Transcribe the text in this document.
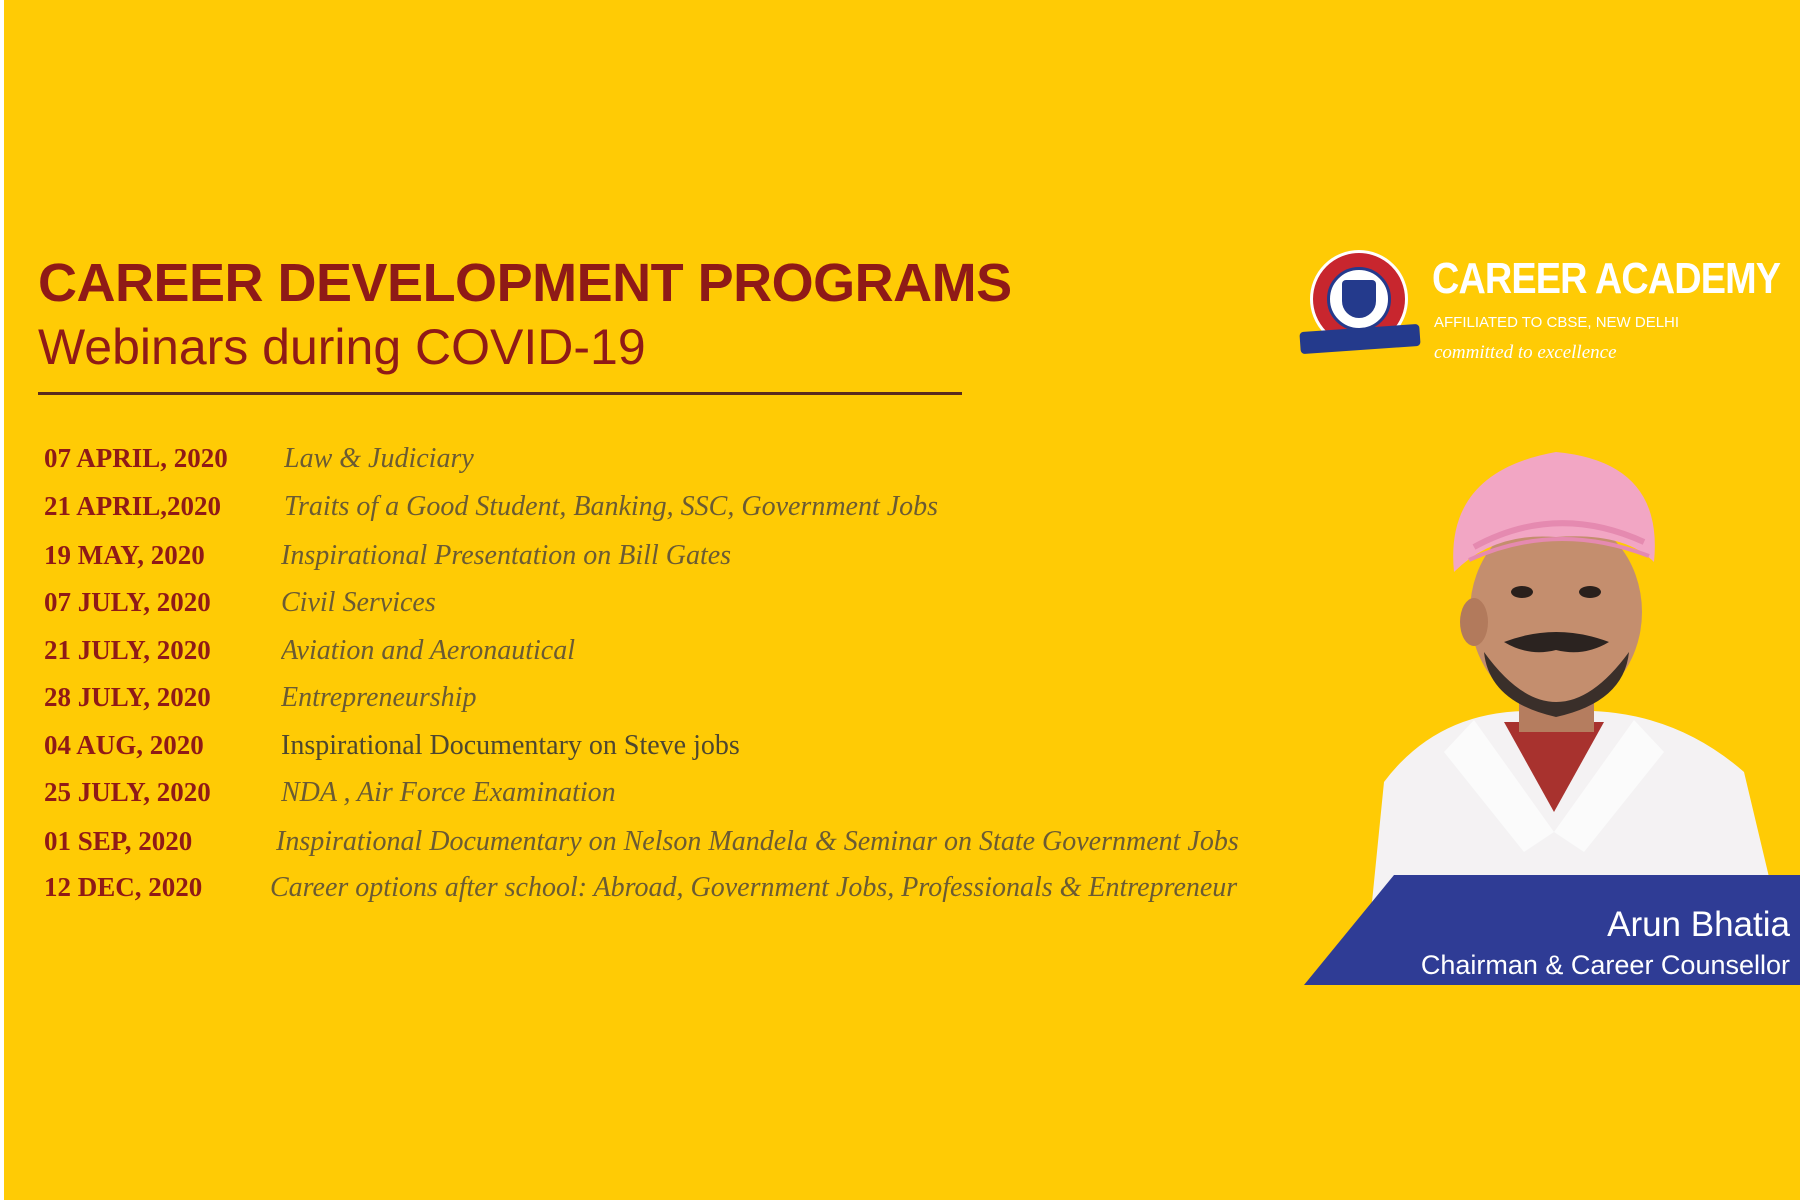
CAREER DEVELOPMENT PROGRAMS
Webinars during COVID-19
07 APRIL, 2020 Law & Judiciary
21 APRIL,2020 Traits of a Good Student, Banking, SSC, Government Jobs
19 MAY, 2020	Inspirational Presentation on Bill Gates
07 JULY, 2020	Civil Services
21 JULY, 2020	Aviation and Aeronautical
28 JULY, 2020	Entrepreneurship
04 AUG, 2020	Inspirational Documentary on Steve jobs
25 JULY, 2020	NDA , Air Force Examination
01 SEP, 2020	Inspirational Documentary on Nelson Mandela & Seminar on State Government Jobs
12 DEC, 2020 Career options after school: Abroad, Government Jobs, Professionals & Entrepreneur
CAREER ACADEMY
AFFILIATED TO CBSE, NEW DELHI
committed to excellence
Arun Bhatia
Chairman & Career Counsellor
